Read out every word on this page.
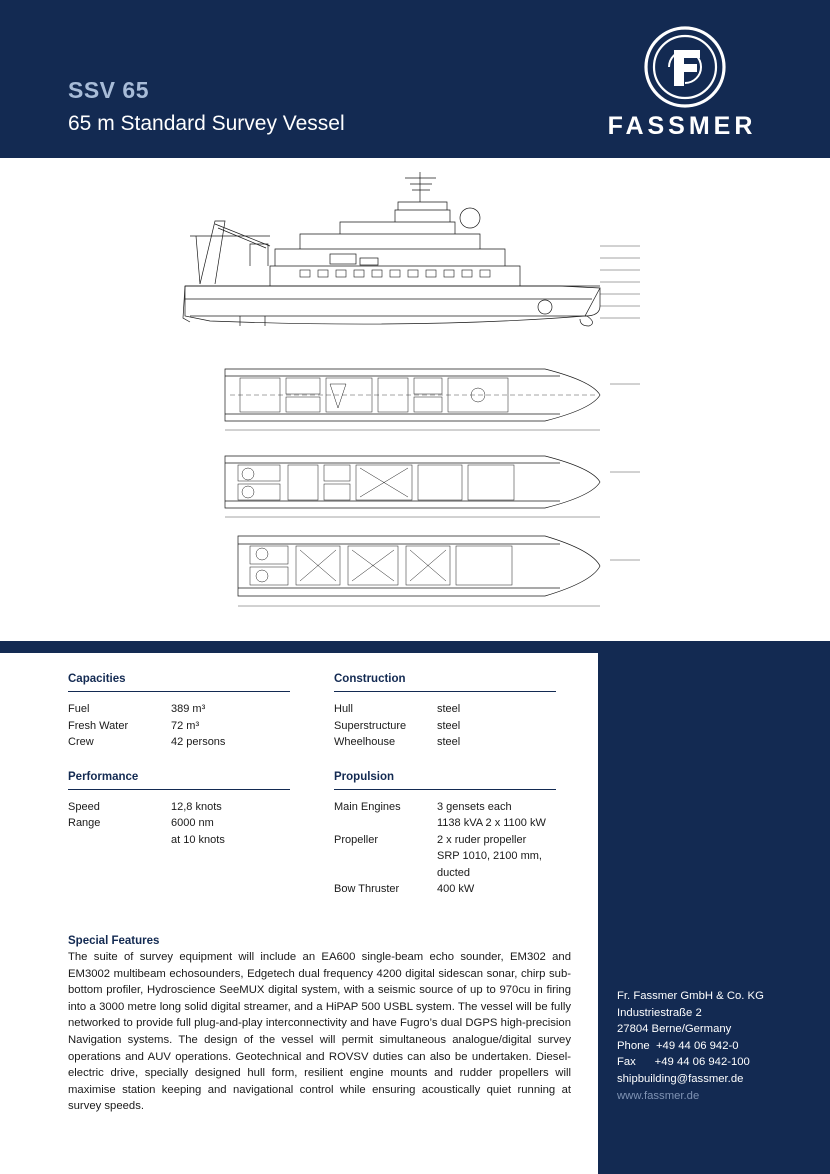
SSV 65
65 m Standard Survey Vessel	FASSMER
Capacities
Fuel	389 m³
Fresh Water	72 m³
Crew	42 persons
Performance
Speed	12,8 knots
Range	6000 nm
at 10 knots
Construction
Hull	steel
Superstructure	steel
Wheelhouse	steel
Propulsion
Main Engines	3 gensets each
1138 kVA 2 x 1100 kW
Propeller	2 x ruder propeller
SRP 1010, 2100 mm,
ducted
Bow Thruster	400 kW
Special Features
The suite of survey equipment will include an EA600 single-beam echo sounder, EM302 and EM3002 multibeam echosounders, Edgetech dual frequency 4200 digital sidescan sonar, chirp sub-bottom profiler, Hydroscience SeeMUX digital system, with a seismic source of up to 970cu in firing into a 3000 metre long solid digital streamer, and a HiPAP 500 USBL system. The vessel will be fully networked to provide full plug-and-play interconnectivity and have Fugro’s dual DGPS high-precision Navigation systems. The design of the vessel will permit simultaneous analogue/digital survey operations and AUV operations. Geotechnical and ROVSV duties can also be undertaken. Diesel-electric drive, specially designed hull form, resilient engine mounts and rudder propellers will maximise station keeping and navigational control while ensuring acoustically quiet running at survey speeds.
Fr. Fassmer GmbH & Co. KG
Industriestraße 2
27804 Berne/Germany
Phone  +49 44 06 942-0
Fax      +49 44 06 942-100
shipbuilding@fassmer.de
www.fassmer.de
